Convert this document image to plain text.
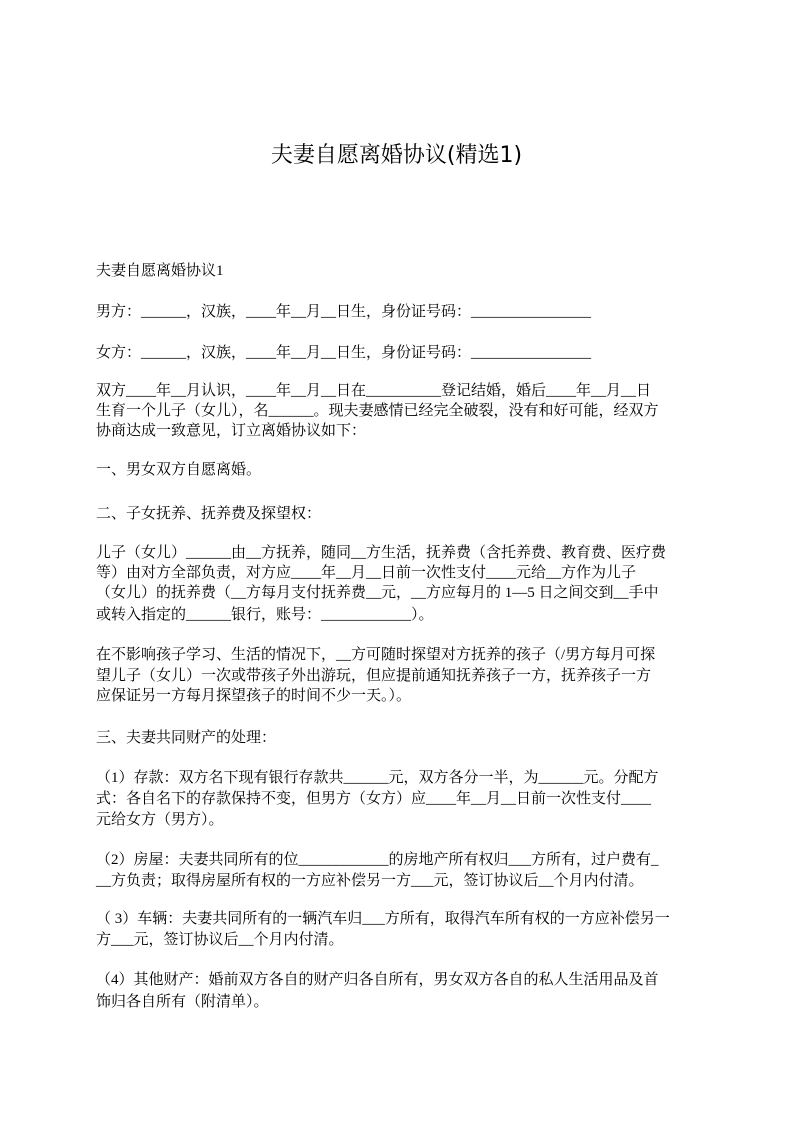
夫妻自愿离婚协议(精选1)
夫妻自愿离婚协议1
男方：______，汉族，____年__月__日生，身份证号码：________________
女方：______，汉族，____年__月__日生，身份证号码：________________
双方____年__月认识，____年__月__日在__________登记结婚，婚后____年__月__日
生育一个儿子（女儿），名______。现夫妻感情已经完全破裂，没有和好可能，经双方
协商达成一致意见，订立离婚协议如下：
一、男女双方自愿离婚。
二、子女抚养、抚养费及探望权：
儿子（女儿）______由__方抚养，随同__方生活，抚养费（含托养费、教育费、医疗费
等）由对方全部负责，对方应____年__月__日前一次性支付____元给__方作为儿子
（女儿）的抚养费（__方每月支付抚养费__元，__方应每月的 1—5 日之间交到__手中
或转入指定的______银行，账号：____________）。
在不影响孩子学习、生活的情况下，__方可随时探望对方抚养的孩子（/男方每月可探
望儿子（女儿）一次或带孩子外出游玩，但应提前通知抚养孩子一方，抚养孩子一方
应保证另一方每月探望孩子的时间不少一天。）。
三、夫妻共同财产的处理：
（1）存款：双方名下现有银行存款共______元，双方各分一半，为______元。分配方
式：各自名下的存款保持不变，但男方（女方）应____年__月__日前一次性支付____
元给女方（男方）。
（2）房屋：夫妻共同所有的位____________的房地产所有权归___方所有，过户费有_
__方负责；取得房屋所有权的一方应补偿另一方___元，签订协议后__个月内付清。
（ 3）车辆：夫妻共同所有的一辆汽车归___方所有，取得汽车所有权的一方应补偿另一
方___元，签订协议后__个月内付清。
（4）其他财产：婚前双方各自的财产归各自所有，男女双方各自的私人生活用品及首
饰归各自所有（附清单）。
